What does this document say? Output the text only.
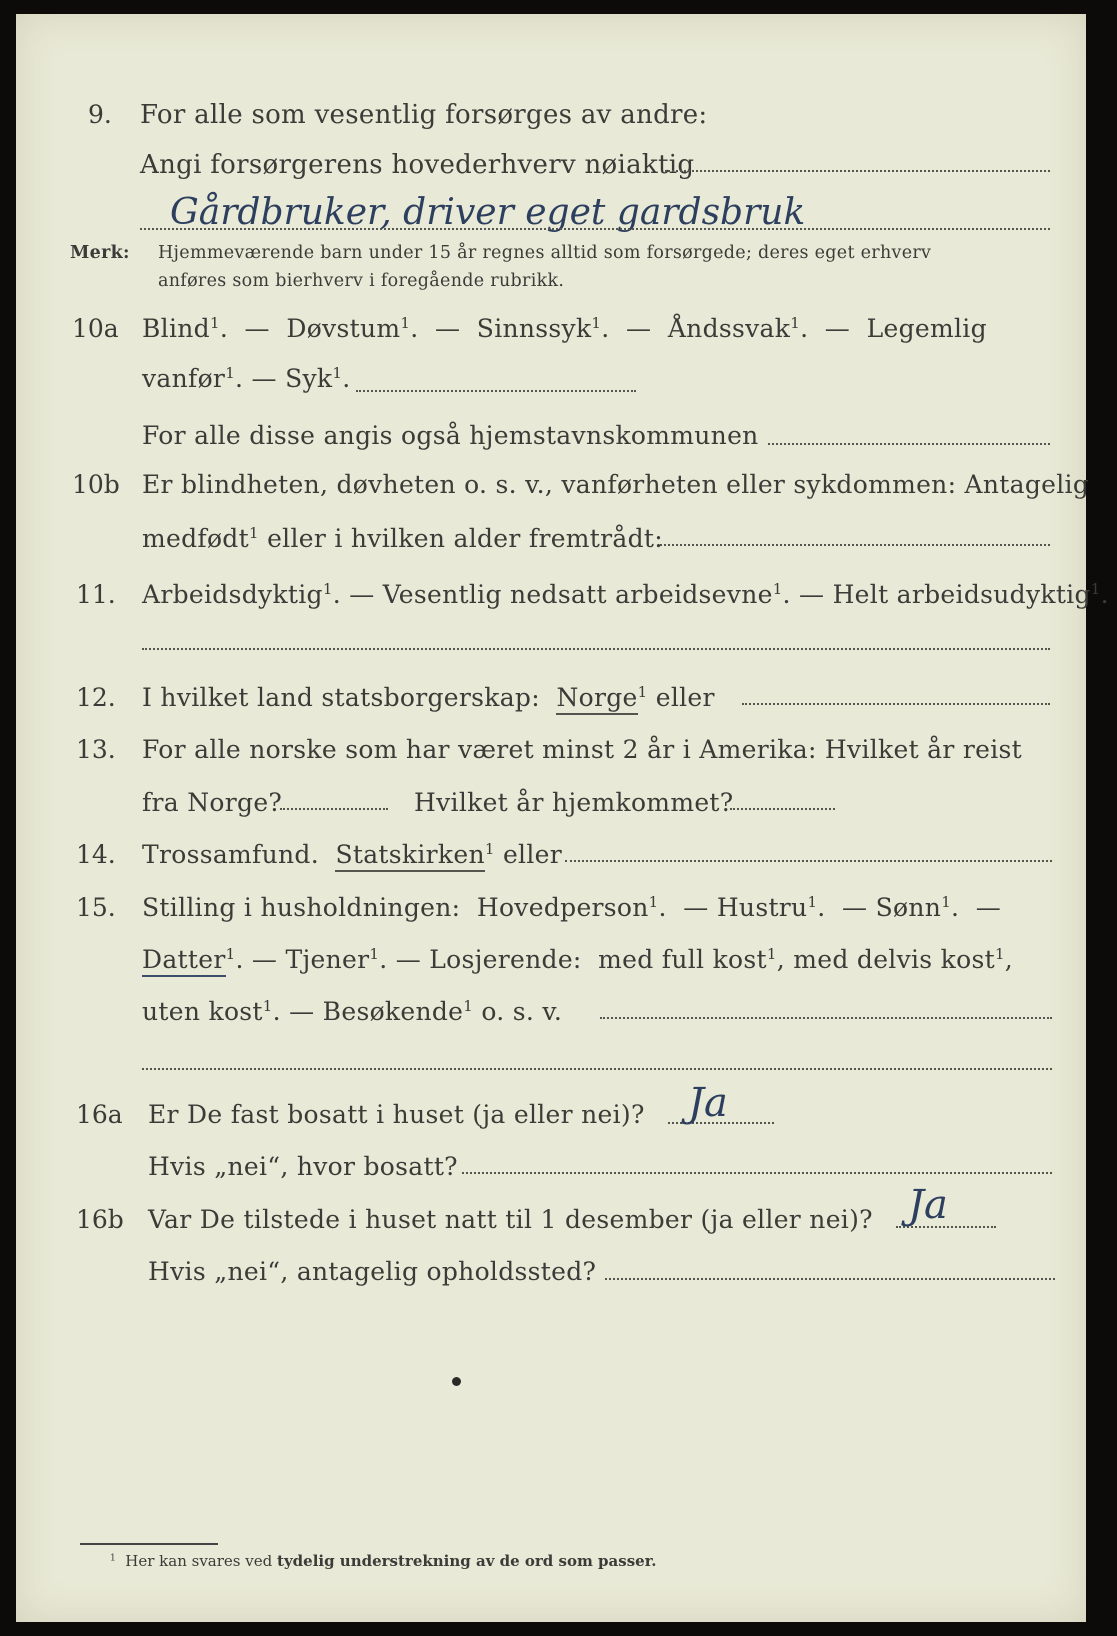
9. For alle som vesentlig forsørges av andre:
Angi forsørgerens hovederhverv nøiaktig
Gårdbruker, driver eget gardsbruk
Merk: Hjemmeværende barn under 15 år regnes alltid som forsørgede; deres eget erhverv
anføres som bierhverv i foregående rubrikk.
10a Blind$^1$.  —  Døvstum$^1$.  —  Sinnssyk$^1$.  —  Åndssvak$^1$.  —  Legemlig
vanfør$^1$. — Syk$^1$.
For alle disse angis også hjemstavnskommunen
10b Er blindheten, døvheten o. s. v., vanførheten eller sykdommen: Antagelig
medfødt$^1$ eller i hvilken alder fremtrådt:
11. Arbeidsdyktig$^1$. — Vesentlig nedsatt arbeidsevne$^1$. — Helt arbeidsudyktig$^1$.
12. I hvilket land statsborgerskap: Norge$^1$ eller
13. For alle norske som har været minst 2 år i Amerika: Hvilket år reist
fra Norge?	Hvilket år hjemkommet?
14. Trossamfund. Statskirken$^1$ eller
15. Stilling i husholdningen: Hovedperson$^1$.  — Hustru$^1$.  — Sønn$^1$.  —
Datter$^1$. — Tjener$^1$. — Losjerende: med full kost$^1$, med delvis kost$^1$,
uten kost$^1$. — Besøkende$^1$ o. s. v.
16a Er De fast bosatt i huset (ja eller nei)? Ja
Hvis „nei“, hvor bosatt?
16b Var De tilstede i huset natt til 1 desember (ja eller nei)? Ja
Hvis „nei“, antagelig opholdssted?
$^1$ Her kan svares ved tydelig understrekning av de ord som passer.
